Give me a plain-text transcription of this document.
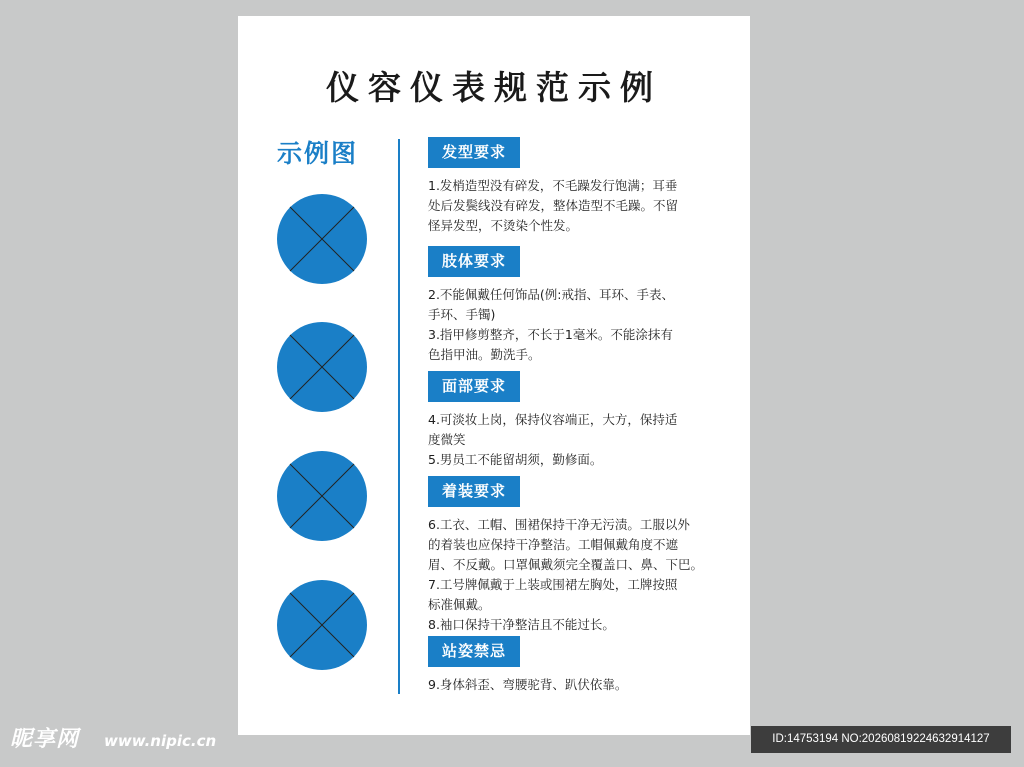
仪容仪表规范示例
示例图	发型要求
1.发梢造型没有碎发，不毛躁发行饱满；耳垂
处后发鬓线没有碎发，整体造型不毛躁。不留
怪异发型，不烫染个性发。
肢体要求
2.不能佩戴任何饰品(例:戒指、耳环、手表、
手环、手镯)
3.指甲修剪整齐，不长于1毫米。不能涂抹有
色指甲油。勤洗手。
面部要求
4.可淡妆上岗，保持仪容端正，大方，保持适
度微笑
5.男员工不能留胡须，勤修面。
着装要求
6.工衣、工帽、围裙保持干净无污渍。工服以外
的着装也应保持干净整洁。工帽佩戴角度不遮
眉、不反戴。口罩佩戴须完全覆盖口、鼻、下巴。
7.工号牌佩戴于上装或围裙左胸处，工牌按照
标准佩戴。
8.袖口保持干净整洁且不能过长。
站姿禁忌
9.身体斜歪、弯腰驼背、趴伏依靠。
昵享网 www.nipic.cn	ID:14753194 NO:20260819224632914127
